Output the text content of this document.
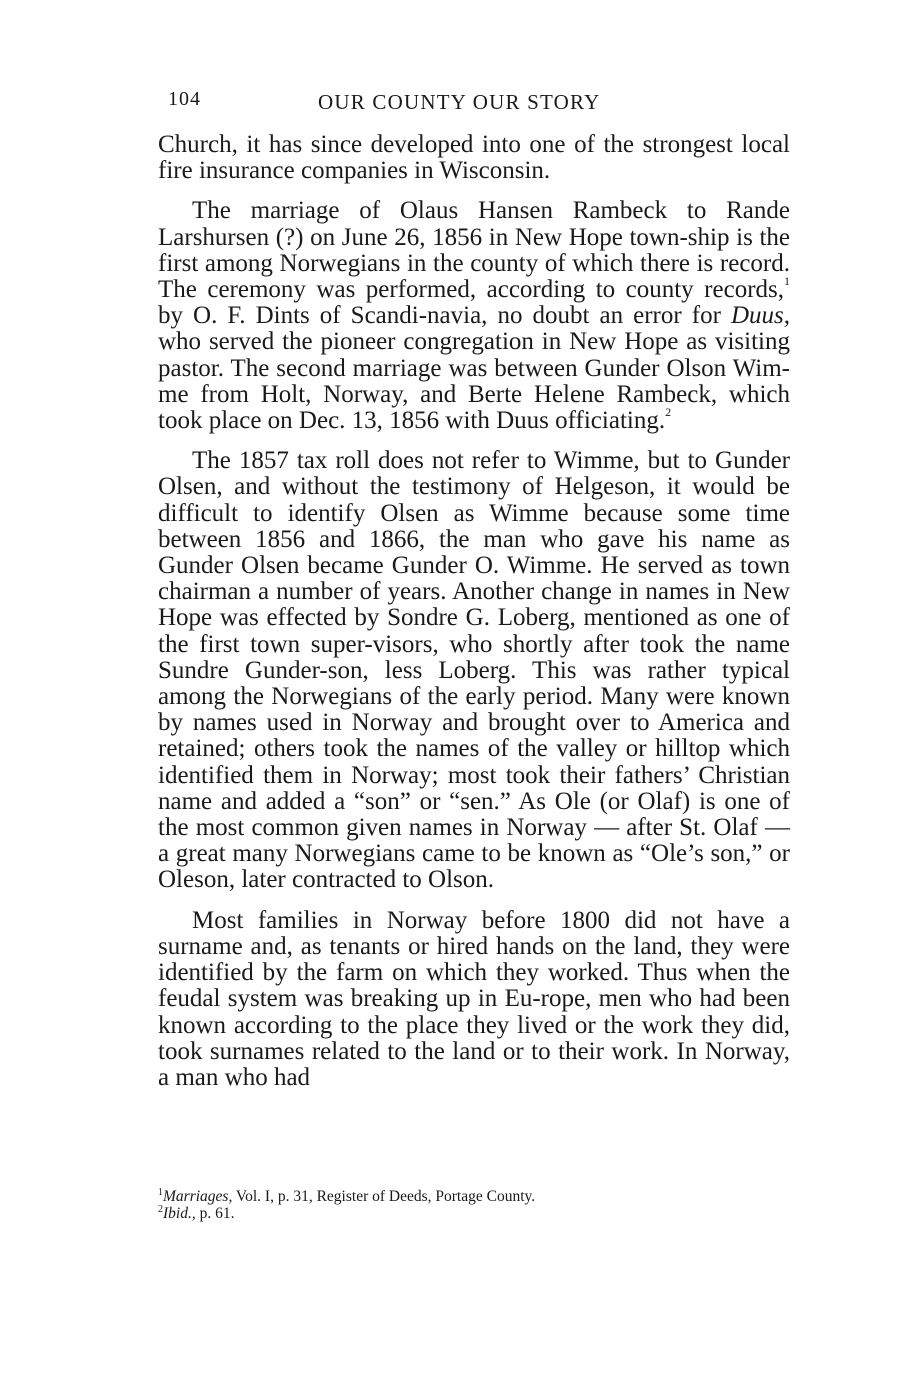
104	OUR COUNTY OUR STORY

Church, it has since developed into one of the strongest local fire insurance companies in Wisconsin.

The marriage of Olaus Hansen Rambeck to Rande Larshursen (?) on June 26, 1856 in New Hope town-ship is the first among Norwegians in the county of which there is record. The ceremony was performed, according to county records,$^1$ by O. F. Dints of Scandi-navia, no doubt an error for Duus, who served the pioneer congregation in New Hope as visiting pastor. The second marriage was between Gunder Olson Wim-me from Holt, Norway, and Berte Helene Rambeck, which took place on Dec. 13, 1856 with Duus officiating.$^2$

The 1857 tax roll does not refer to Wimme, but to Gunder Olsen, and without the testimony of Helgeson, it would be difficult to identify Olsen as Wimme because some time between 1856 and 1866, the man who gave his name as Gunder Olsen became Gunder O. Wimme. He served as town chairman a number of years. Another change in names in New Hope was effected by Sondre G. Loberg, mentioned as one of the first town super-visors, who shortly after took the name Sundre Gunder-son, less Loberg. This was rather typical among the Norwegians of the early period. Many were known by names used in Norway and brought over to America and retained; others took the names of the valley or hilltop which identified them in Norway; most took their fathers’ Christian name and added a “son” or “sen.” As Ole (or Olaf) is one of the most common given names in Norway — after St. Olaf — a great many Norwegians came to be known as “Ole’s son,” or Oleson, later contracted to Olson.

Most families in Norway before 1800 did not have a surname and, as tenants or hired hands on the land, they were identified by the farm on which they worked. Thus when the feudal system was breaking up in Eu-rope, men who had been known according to the place they lived or the work they did, took surnames related to the land or to their work. In Norway, a man who had

$^1$Marriages, Vol. I, p. 31, Register of Deeds, Portage County.

$^2$Ibid., p. 61.
